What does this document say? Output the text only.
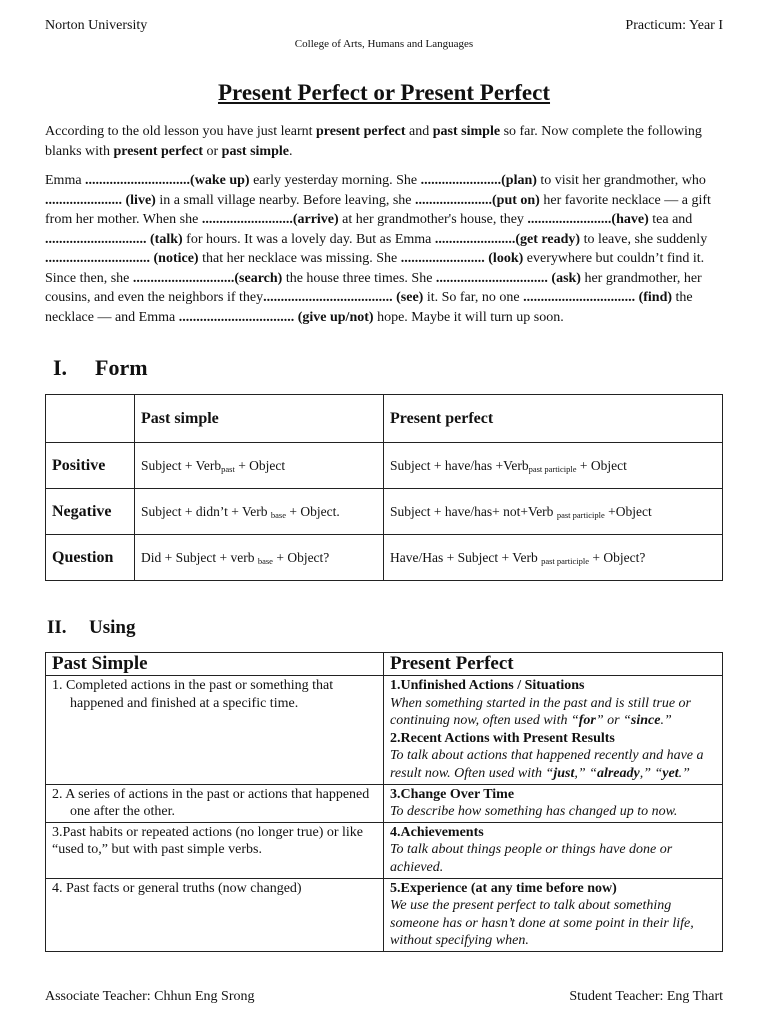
Norton University	Practicum: Year I
College of Arts, Humans and Languages
Present Perfect or Present Perfect
According to the old lesson you have just learnt present perfect and past simple so far. Now complete the following blanks with present perfect or past simple.
Emma ..............................(wake up) early yesterday morning. She .......................(plan) to visit her grandmother, who ...................... (live) in a small village nearby. Before leaving, she ......................(put on) her favorite necklace — a gift from her mother. When she ..........................(arrive) at her grandmother's house, they ........................(have) tea and ............................. (talk) for hours. It was a lovely day. But as Emma .......................(get ready) to leave, she suddenly .............................. (notice) that her necklace was missing. She ........................ (look) everywhere but couldn’t find it. Since then, she .............................(search) the house three times. She ................................ (ask) her grandmother, her cousins, and even the neighbors if they..................................... (see) it. So far, no one ................................ (find) the necklace — and Emma ................................. (give up/not) hope. Maybe it will turn up soon.
I. Form
	Past simple	Present perfect
Positive	Subject + Verb$_{past}$ + Object	Subject + have/has +Verb$_{past participle}$ + Object
Negative	Subject + didn’t + Verb $_{base}$ + Object.	Subject + have/has+ not+Verb $_{past participle}$ +Object
Question	Did + Subject + verb $_{base}$ + Object?	Have/Has + Subject + Verb $_{past participle}$ + Object?
II. Using
Past Simple	Present Perfect

1. Completed actions in the past or something that happened and finished at a specific time.	1.Unfinished Actions / Situations
When something started in the past and is still true or continuing now, often used with “for” or “since.”
2.Recent Actions with Present Results
To talk about actions that happened recently and have a result now. Often used with “just,” “already,” “yet.”

2. A series of actions in the past or actions that happened one after the other.	3.Change Over Time
To describe how something has changed up to now.

3.Past habits or repeated actions (no longer true) or like “used to,” but with past simple verbs.	4.Achievements
To talk about things people or things have done or achieved.

4. Past facts or general truths (now changed)	5.Experience (at any time before now)
We use the present perfect to talk about something someone has or hasn’t done at some point in their life, without specifying when.
Associate Teacher: Chhun Eng Srong	Student Teacher: Eng Thart
